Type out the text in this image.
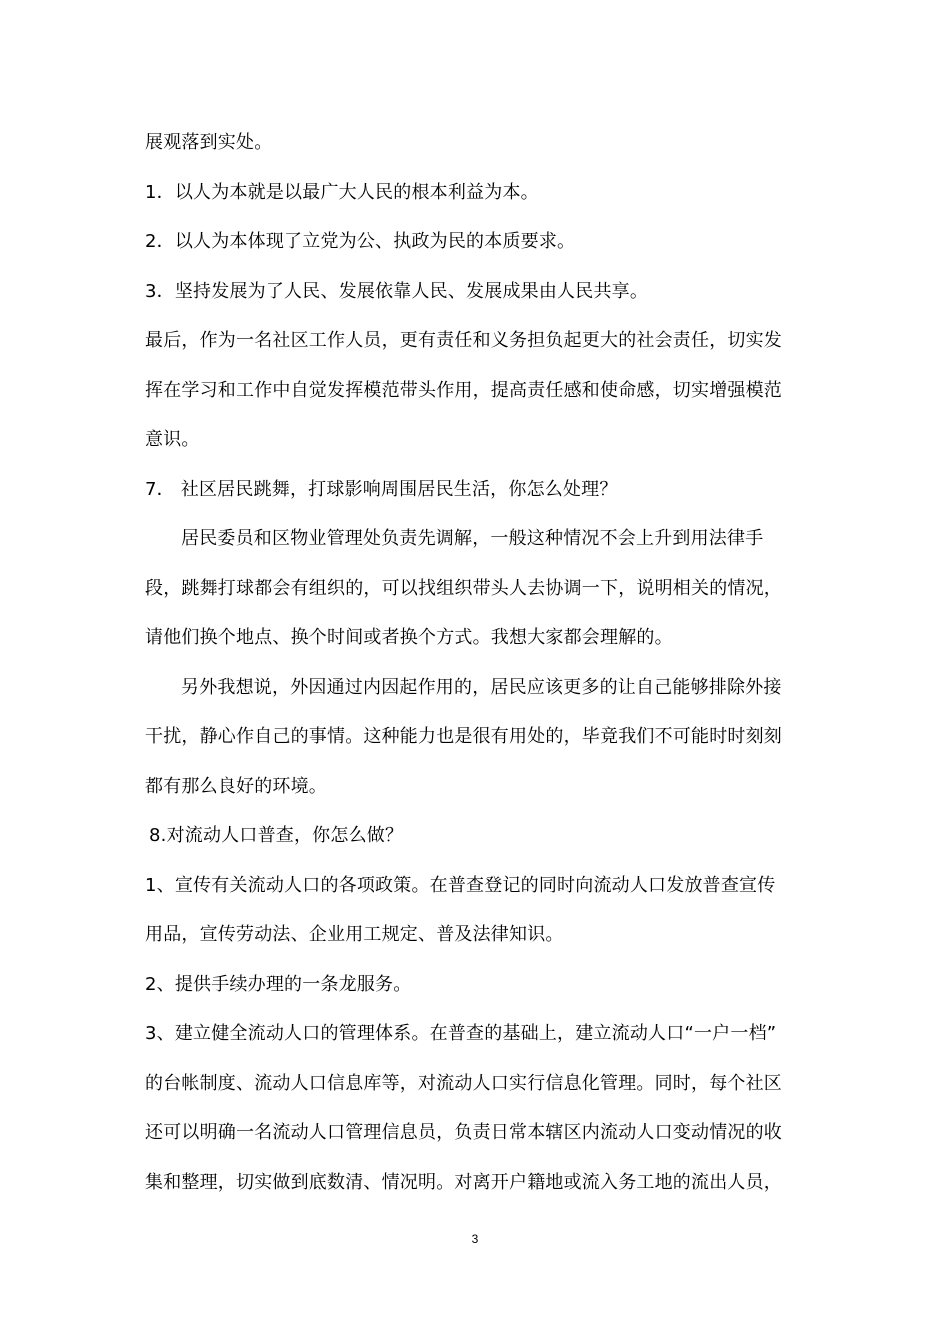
展观落到实处。
1．以人为本就是以最广大人民的根本利益为本。
2．以人为本体现了立党为公、执政为民的本质要求。
3．坚持发展为了人民、发展依靠人民、发展成果由人民共享。
最后，作为一名社区工作人员，更有责任和义务担负起更大的社会责任，切实发
挥在学习和工作中自觉发挥模范带头作用，提高责任感和使命感，切实增强模范
意识。
7． 社区居民跳舞，打球影响周围居民生活，你怎么处理？
居民委员和区物业管理处负责先调解，一般这种情况不会上升到用法律手
段，跳舞打球都会有组织的，可以找组织带头人去协调一下，说明相关的情况，
请他们换个地点、换个时间或者换个方式。我想大家都会理解的。
另外我想说，外因通过内因起作用的，居民应该更多的让自己能够排除外接
干扰，静心作自己的事情。这种能力也是很有用处的，毕竟我们不可能时时刻刻
都有那么良好的环境。
8.对流动人口普查，你怎么做？
1、宣传有关流动人口的各项政策。在普查登记的同时向流动人口发放普查宣传
用品，宣传劳动法、企业用工规定、普及法律知识。
2、提供手续办理的一条龙服务。
3、建立健全流动人口的管理体系。在普查的基础上，建立流动人口“一户一档”
的台帐制度、流动人口信息库等，对流动人口实行信息化管理。同时，每个社区
还可以明确一名流动人口管理信息员，负责日常本辖区内流动人口变动情况的收
集和整理，切实做到底数清、情况明。对离开户籍地或流入务工地的流出人员，
3
